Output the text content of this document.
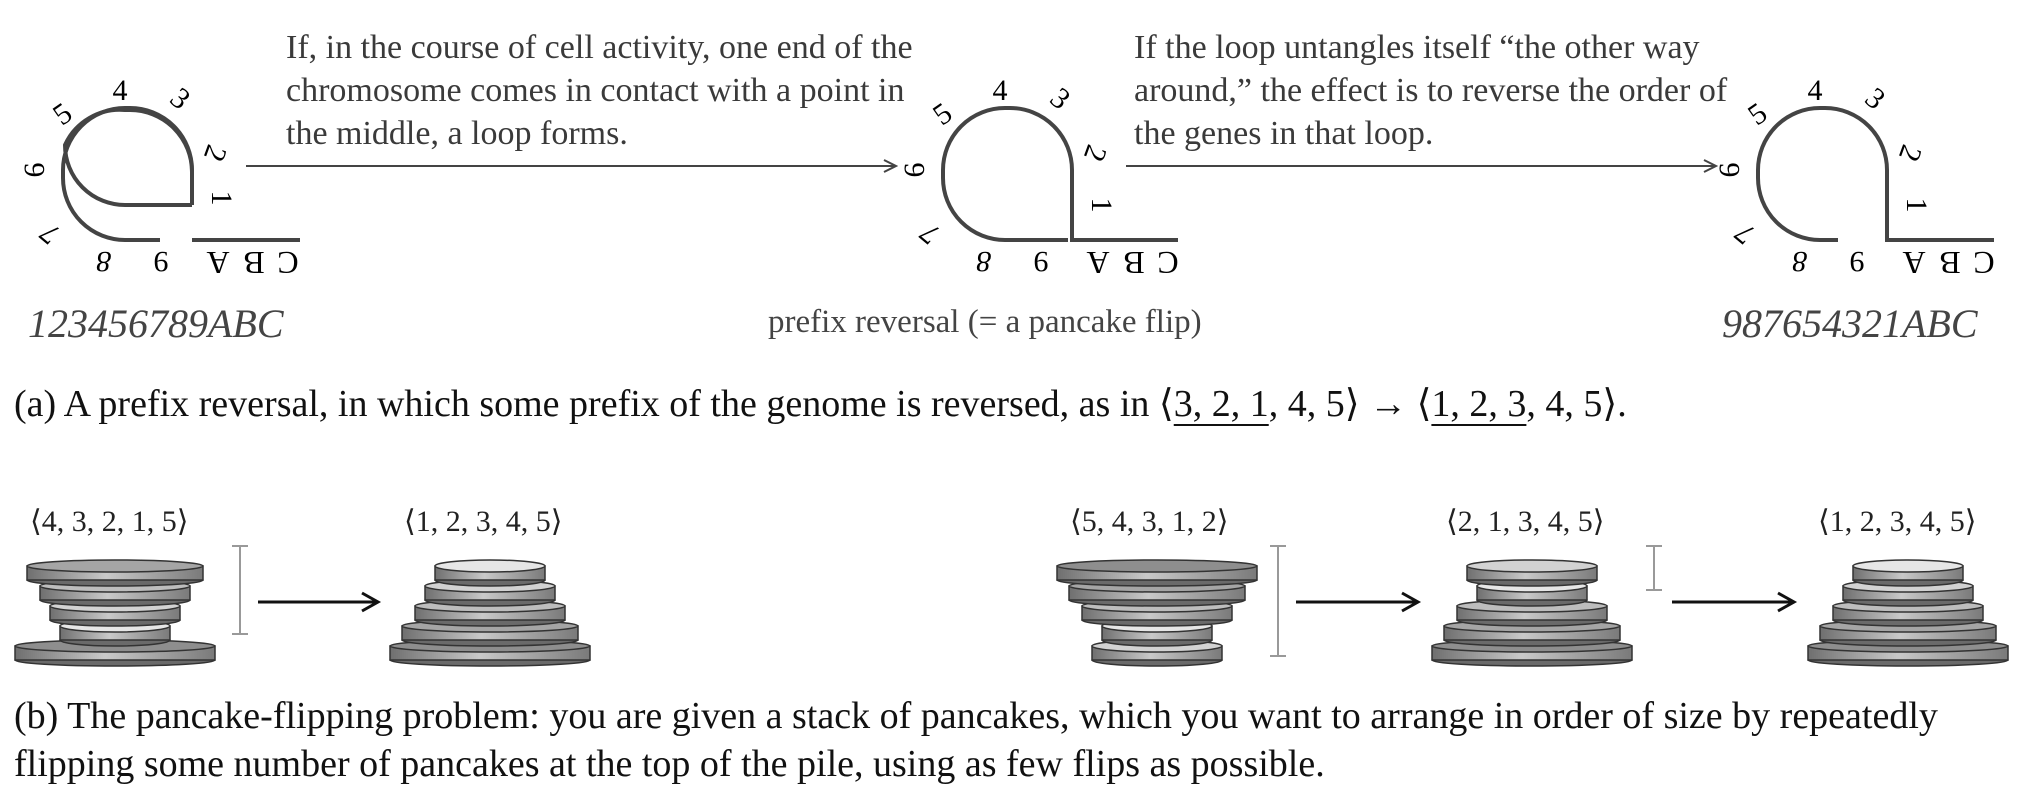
If, in the course of cell activity, one end of the chromosome comes in contact with a point in the middle, a loop forms.
If the loop untangles itself “the other way around,” the effect is to reverse the order of the genes in that loop.
1
2
3
4
5
6
7
8 9 A B C
1
2
3
4
5
6
7
8 9 A B C
1
2
3
4
5
6
7
8 9 A B C
123456789ABC	prefix reversal (= a pancake flip)	987654321ABC
(a) A prefix reversal, in which some prefix of the genome is reversed, as in ⟨3, 2, 1, 4, 5⟩ → ⟨1, 2, 3, 4, 5⟩.
⟨4, 3, 2, 1, 5⟩	⟨1, 2, 3, 4, 5⟩	⟨5, 4, 3, 1, 2⟩	⟨2, 1, 3, 4, 5⟩	⟨1, 2, 3, 4, 5⟩
(b) The pancake-flipping problem: you are given a stack of pancakes, which you want to arrange in order of size by repeatedly flipping some number of pancakes at the top of the pile, using as few flips as possible.
